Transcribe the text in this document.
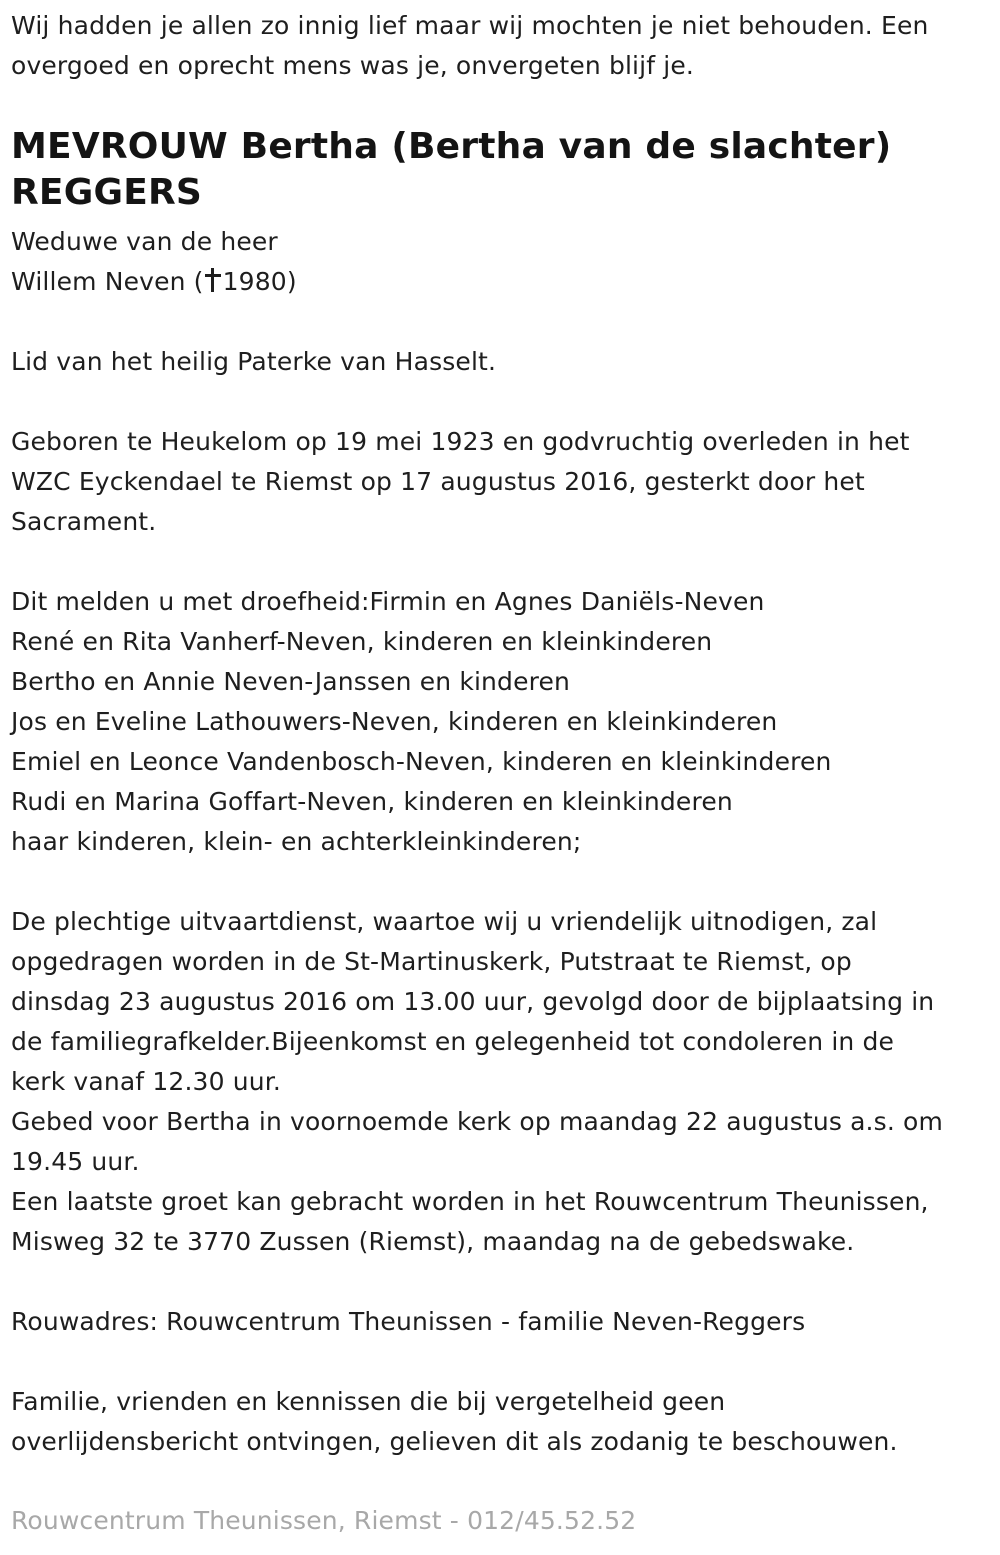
Wij hadden je allen zo innig lief maar wij mochten je niet behouden. Een
overgoed en oprecht mens was je, onvergeten blijf je.
MEVROUW Bertha (Bertha van de slachter)
REGGERS
Weduwe van de heer
Willem Neven ( 1980)
Lid van het heilig Paterke van Hasselt.
Geboren te Heukelom op 19 mei 1923 en godvruchtig overleden in het
WZC Eyckendael te Riemst op 17 augustus 2016, gesterkt door het
Sacrament.
Dit melden u met droefheid:Firmin en Agnes Daniëls-Neven
René en Rita Vanherf-Neven, kinderen en kleinkinderen
Bertho en Annie Neven-Janssen en kinderen
Jos en Eveline Lathouwers-Neven, kinderen en kleinkinderen
Emiel en Leonce Vandenbosch-Neven, kinderen en kleinkinderen
Rudi en Marina Goffart-Neven, kinderen en kleinkinderen
haar kinderen, klein- en achterkleinkinderen;
De plechtige uitvaartdienst, waartoe wij u vriendelijk uitnodigen, zal
opgedragen worden in de St-Martinuskerk, Putstraat te Riemst, op
dinsdag 23 augustus 2016 om 13.00 uur, gevolgd door de bijplaatsing in
de familiegrafkelder.Bijeenkomst en gelegenheid tot condoleren in de
kerk vanaf 12.30 uur.
Gebed voor Bertha in voornoemde kerk op maandag 22 augustus a.s. om
19.45 uur.
Een laatste groet kan gebracht worden in het Rouwcentrum Theunissen,
Misweg 32 te 3770 Zussen (Riemst), maandag na de gebedswake.
Rouwadres: Rouwcentrum Theunissen - familie Neven-Reggers
Familie, vrienden en kennissen die bij vergetelheid geen
overlijdensbericht ontvingen, gelieven dit als zodanig te beschouwen.
Rouwcentrum Theunissen, Riemst - 012/45.52.52
